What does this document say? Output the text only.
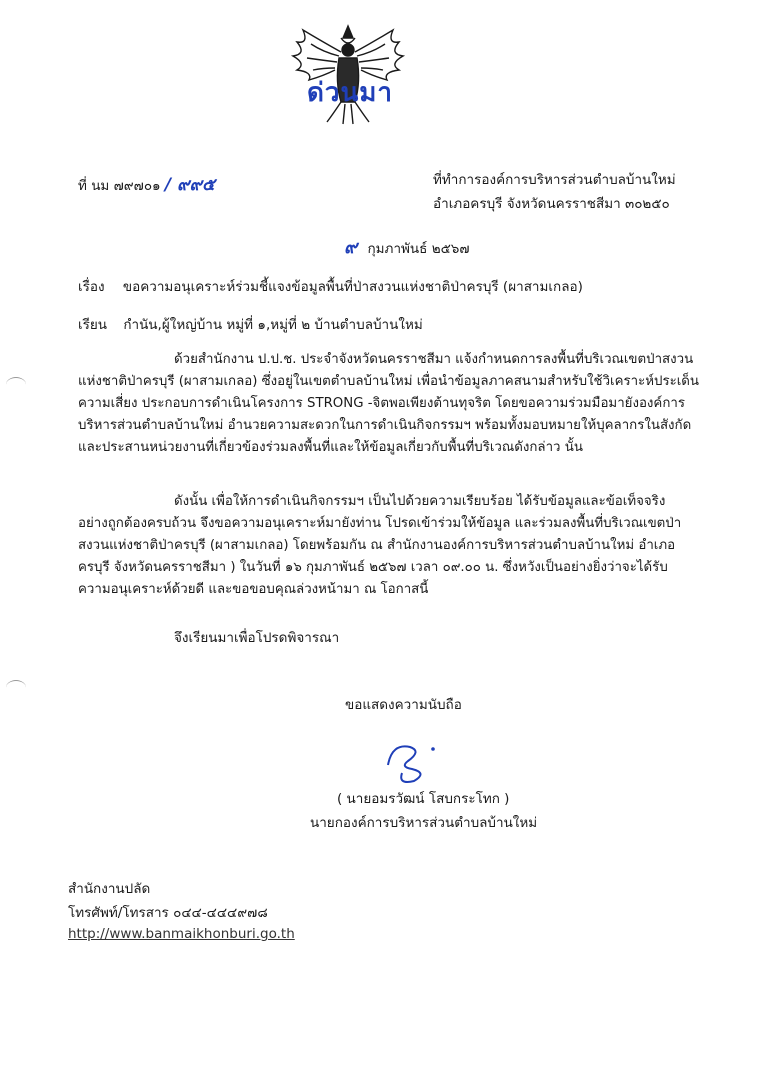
ด่วนมา
ที่ นม ๗๙๗๐๑ / ๙๙๕	ที่ทำการองค์การบริหารส่วนตำบลบ้านใหม่
อำเภอครบุรี จังหวัดนครราชสีมา ๓๐๒๕๐
๙ กุมภาพันธ์ ๒๕๖๗
เรื่อง ขอความอนุเคราะห์ร่วมชี้แจงข้อมูลพื้นที่ป่าสงวนแห่งชาติป่าครบุรี (ผาสามเกลอ)
เรียน กำนัน,ผู้ใหญ่บ้าน หมู่ที่ ๑,หมู่ที่ ๒ บ้านตำบลบ้านใหม่
ด้วยสำนักงาน ป.ป.ช. ประจำจังหวัดนครราชสีมา แจ้งกำหนดการลงพื้นที่บริเวณเขตป่าสงวน
แห่งชาติป่าครบุรี (ผาสามเกลอ) ซึ่งอยู่ในเขตตำบลบ้านใหม่ เพื่อนำข้อมูลภาคสนามสำหรับใช้วิเคราะห์ประเด็น
ความเสี่ยง ประกอบการดำเนินโครงการ STRONG -จิตพอเพียงต้านทุจริต โดยขอความร่วมมือมายังองค์การ
บริหารส่วนตำบลบ้านใหม่ อำนวยความสะดวกในการดำเนินกิจกรรมฯ พร้อมทั้งมอบหมายให้บุคลากรในสังกัด
และประสานหน่วยงานที่เกี่ยวข้องร่วมลงพื้นที่และให้ข้อมูลเกี่ยวกับพื้นที่บริเวณดังกล่าว นั้น
ดังนั้น เพื่อให้การดำเนินกิจกรรมฯ เป็นไปด้วยความเรียบร้อย ได้รับข้อมูลและข้อเท็จจริง
อย่างถูกต้องครบถ้วน จึงขอความอนุเคราะห์มายังท่าน โปรดเข้าร่วมให้ข้อมูล และร่วมลงพื้นที่บริเวณเขตป่า
สงวนแห่งชาติป่าครบุรี (ผาสามเกลอ) โดยพร้อมกัน ณ สำนักงานองค์การบริหารส่วนตำบลบ้านใหม่ อำเภอ
ครบุรี จังหวัดนครราชสีมา ) ในวันที่ ๑๖ กุมภาพันธ์ ๒๕๖๗ เวลา ๐๙.๐๐ น. ซึ่งหวังเป็นอย่างยิ่งว่าจะได้รับ
ความอนุเคราะห์ด้วยดี และขอขอบคุณล่วงหน้ามา ณ โอกาสนี้
จึงเรียนมาเพื่อโปรดพิจารณา
ขอแสดงความนับถือ
( นายอมรวัฒน์ โสบกระโทก )
นายกองค์การบริหารส่วนตำบลบ้านใหม่
สำนักงานปลัด
โทรศัพท์/โทรสาร ๐๔๔-๔๔๔๙๗๘
http://www.banmaikhonburi.go.th
